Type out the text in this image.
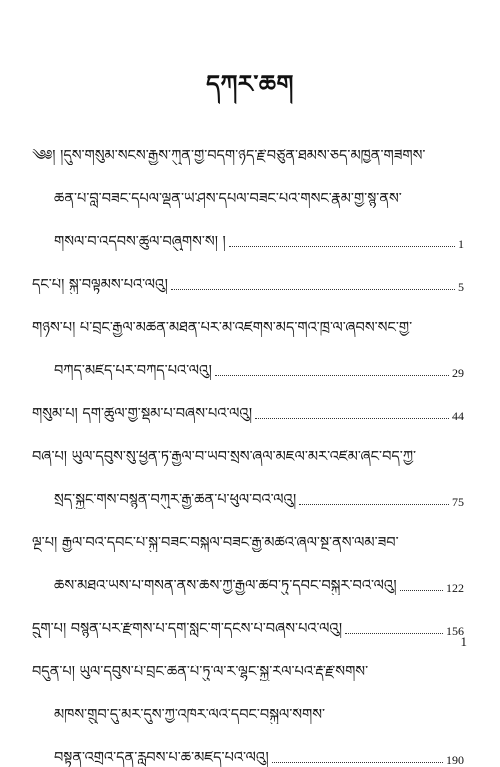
དཀར་ཆག
༄༅། །དུས་གསུམ་སངས་རྒྱས་ཀུན་གྱི་བདག་ཉིད་རྗེ་བཙུན་ཐམས་ཅད་མཁྱེན་གཟིགས་
ཆེན་པོ་བློ་བཟང་དཔལ་ལྡན་ཡེ་ཤེས་དཔལ་བཟང་པོའི་གསང་རྣམ་གྱི་སྙོ་ནས་
གསོལ་བ་འདེབས་ཚུལ་བཞུགས་སོ། །	1
དང་པོ། སྐུ་བལྟམས་པའི་ལེའུ།	5
གཉིས་པ། པོ་བྲང་རྒྱལ་མཚན་མཐོན་པོར་མི་འཛིགས་མེད་གེའི་ཁྲི་ལ་ཞབས་སེང་གྱི་
བཀོད་མཛོད་པར་བཀོད་པའི་ལེའུ།	29
གསུམ་པ། དགེ་ཚུལ་གྱི་སྡོམ་པ་བཞེས་པའི་ལེའུ།	44
བཞི་པ། ཡུལ་དབུས་སུ་ཕྱིན་ཏེ་རྒྱལ་བ་ཡབ་སྲས་ཞལ་མཇལ་མར་འཛོམ་ཞིང་བོད་ཀྱི་
སྲིད་སྐྱོང་གིས་བསྙེན་བཀུར་རྒྱ་ཆེན་པོ་ཕུལ་བའི་ལེའུ།	75
ལྔ་པ། རྒྱལ་བའི་དབང་པོ་སྐུ་བཟང་བསྐལ་བཟང་རྒྱ་མཚོའི་ཞལ་སྔ་ནས་ལམ་ཟབ་
ཆོས་མཐའ་ཡས་པ་གསན་ནས་ཆོས་ཀྱི་རྒྱལ་ཚབ་ཏུ་དབང་བསྐུར་བའི་ལེའུ།	122
དྲུག་པ། བསྙེན་པར་རྫོགས་པ་དགེ་སློང་གི་དངོས་པོ་བཞེས་པའི་ལེའུ།	156
བདུན་པ། ཡུལ་དབུས་པོ་བྲང་ཆེན་པོ་ཏུ་ལ་ར་ལྷང་སྐྱ་རོལ་པའི་རྡོ་རྗེ་སོགས་
མཁས་གྲུབ་དུ་མར་དུས་ཀྱི་འཁོར་ལོའི་དབང་བསྐུལ་སོགས་
བསྟན་འགྲོའི་དོན་རླབས་པོ་ཆེ་མཛད་པའི་ལེའུ།	190
1
